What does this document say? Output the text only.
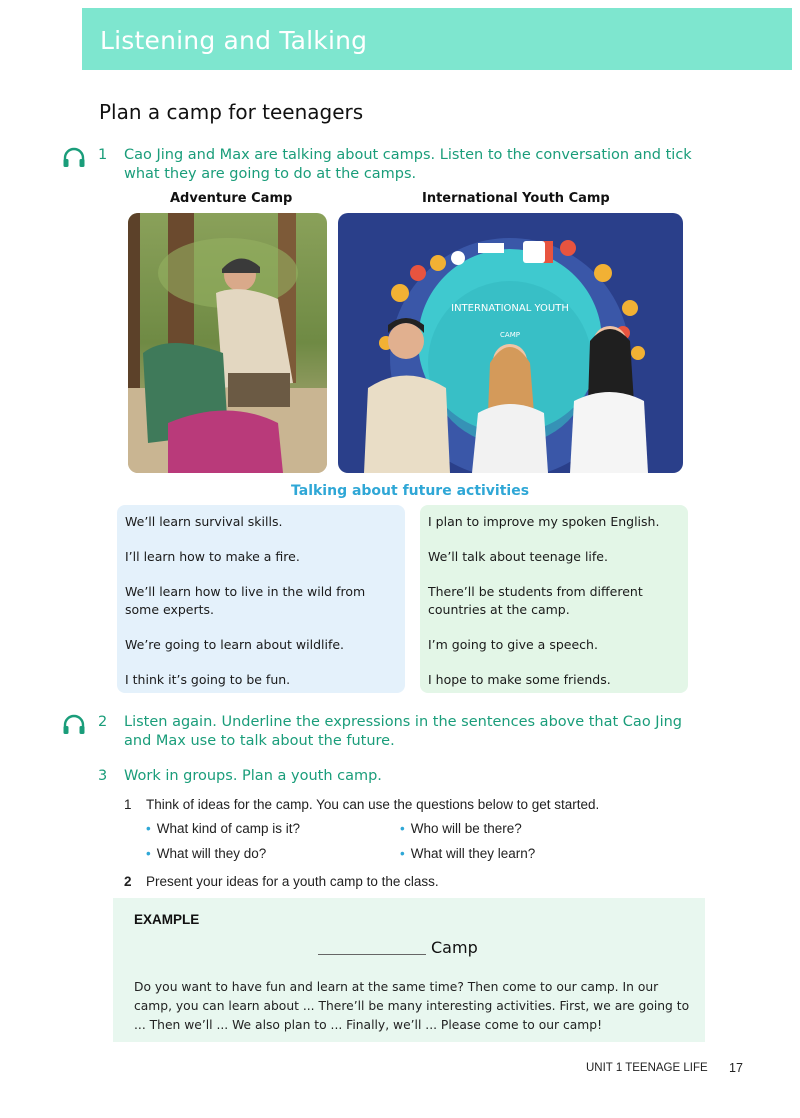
Listening and Talking
Plan a camp for teenagers
1 Cao Jing and Max are talking about camps. Listen to the conversation and tick what they are going to do at the camps.
Adventure Camp	International Youth Camp
INTERNATIONAL YOUTH
CAMP
Talking about future activities

We’ll learn survival skills.

I’ll learn how to make a fire.

We’ll learn how to live in the wild from some experts.

We’re going to learn about wildlife.

I think it’s going to be fun.

I plan to improve my spoken English.

We’ll talk about teenage life.

There’ll be students from different countries at the camp.

I’m going to give a speech.

I hope to make some friends.

2 Listen again. Underline the expressions in the sentences above that Cao Jing and Max use to talk about the future.
3 Work in groups. Plan a youth camp.
1 Think of ideas for the camp. You can use the questions below to get started.
• What kind of camp is it?	• Who will be there?
• What will they do?	• What will they learn?
2 Present your ideas for a youth camp to the class.
EXAMPLE
Camp
Do you want to have fun and learn at the same time? Then come to our camp. In our camp, you can learn about ... There’ll be many interesting activities. First, we are going to ... Then we’ll ... We also plan to ... Finally, we’ll ... Please come to our camp!
UNIT 1 TEENAGE LIFE 17
